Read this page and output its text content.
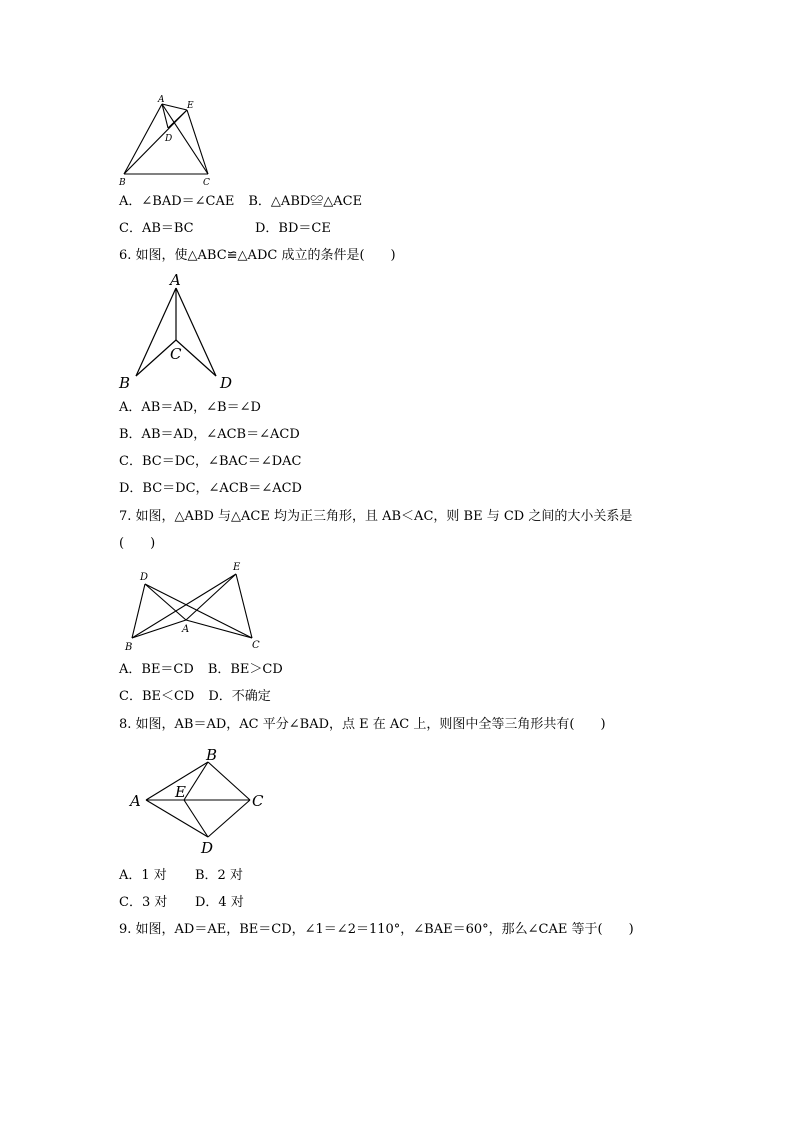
A
E
D
B	C
A．∠BAD＝∠CAE B．△ABD≌△ACE
C．AB＝BC	D．BD＝CE
6. 如图，使△ABC≌△ADC 成立的条件是(　　)
A
C
B	D
A．AB＝AD，∠B＝∠D
B．AB＝AD，∠ACB＝∠ACD
C．BC＝DC，∠BAC＝∠DAC
D．BC＝DC，∠ACB＝∠ACD
7. 如图，△ABD 与△ACE 均为正三角形，且 AB＜AC，则 BE 与 CD 之间的大小关系是
(　　)
D
E
A
B	C
A．BE＝CD B．BE＞CD
C．BE＜CD D．不确定
8. 如图，AB＝AD，AC 平分∠BAD，点 E 在 AC 上，则图中全等三角形共有(　　)
A
B
E	C
D
A．1 对 B．2 对
C．3 对 D．4 对
9. 如图，AD＝AE，BE＝CD，∠1＝∠2＝110°，∠BAE＝60°，那么∠CAE 等于(　　)
